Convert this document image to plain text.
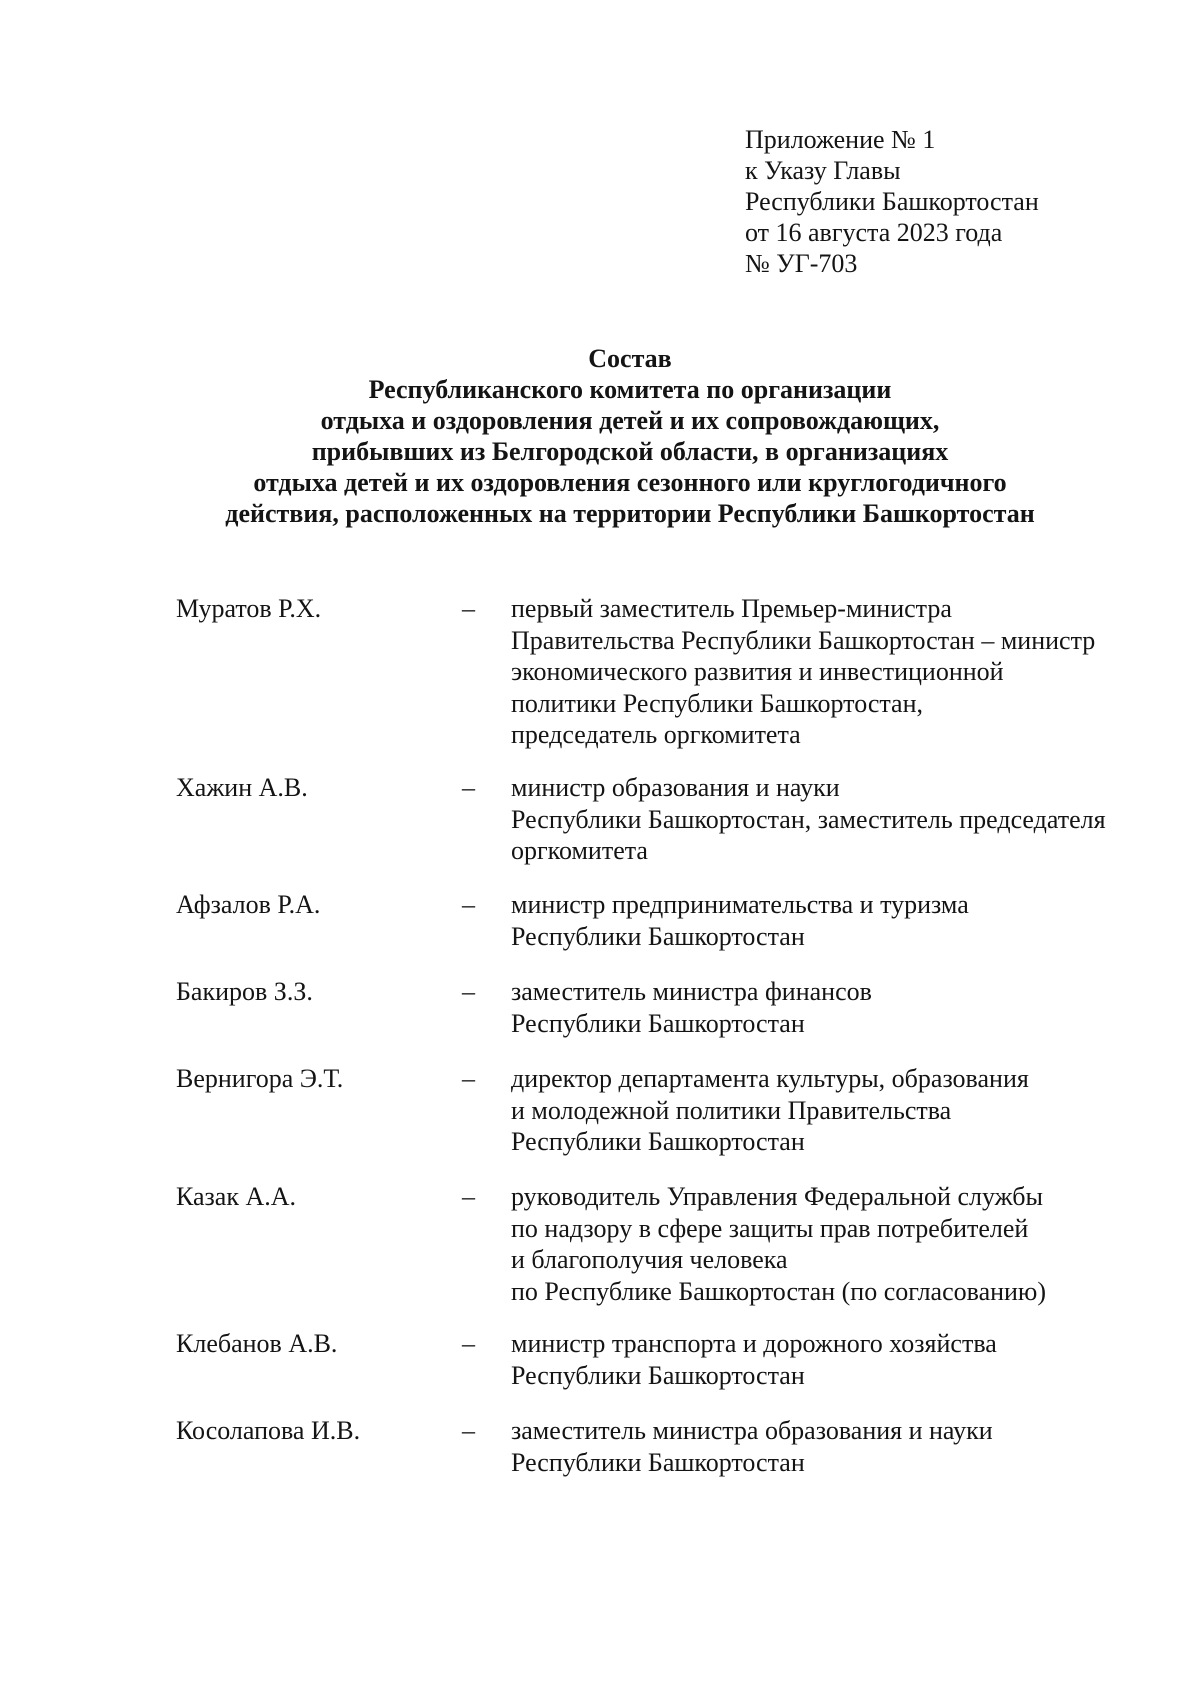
Приложение № 1
к Указу Главы
Республики Башкортостан
от 16 августа 2023 года
№ УГ-703
Состав
Республиканского комитета по организации
отдыха и оздоровления детей и их сопровождающих,
прибывших из Белгородской области, в организациях
отдыха детей и их оздоровления сезонного или круглогодичного
действия, расположенных на территории Республики Башкортостан
Муратов Р.Х.	– первый заместитель Премьер-министра
Правительства Республики Башкортостан – министр
экономического развития и инвестиционной
политики Республики Башкортостан,
председатель оргкомитета
Хажин А.В.	– министр образования и науки
Республики Башкортостан, заместитель председателя
оргкомитета
Афзалов Р.А.	– министр предпринимательства и туризма
Республики Башкортостан
Бакиров З.З.	– заместитель министра финансов
Республики Башкортостан
Вернигора Э.Т.	– директор департамента культуры, образования
и молодежной политики Правительства
Республики Башкортостан
Казак А.А.	– руководитель Управления Федеральной службы
по надзору в сфере защиты прав потребителей
и благополучия человека
по Республике Башкортостан (по согласованию)
Клебанов А.В.	– министр транспорта и дорожного хозяйства
Республики Башкортостан
Косолапова И.В.	– заместитель министра образования и науки
Республики Башкортостан
